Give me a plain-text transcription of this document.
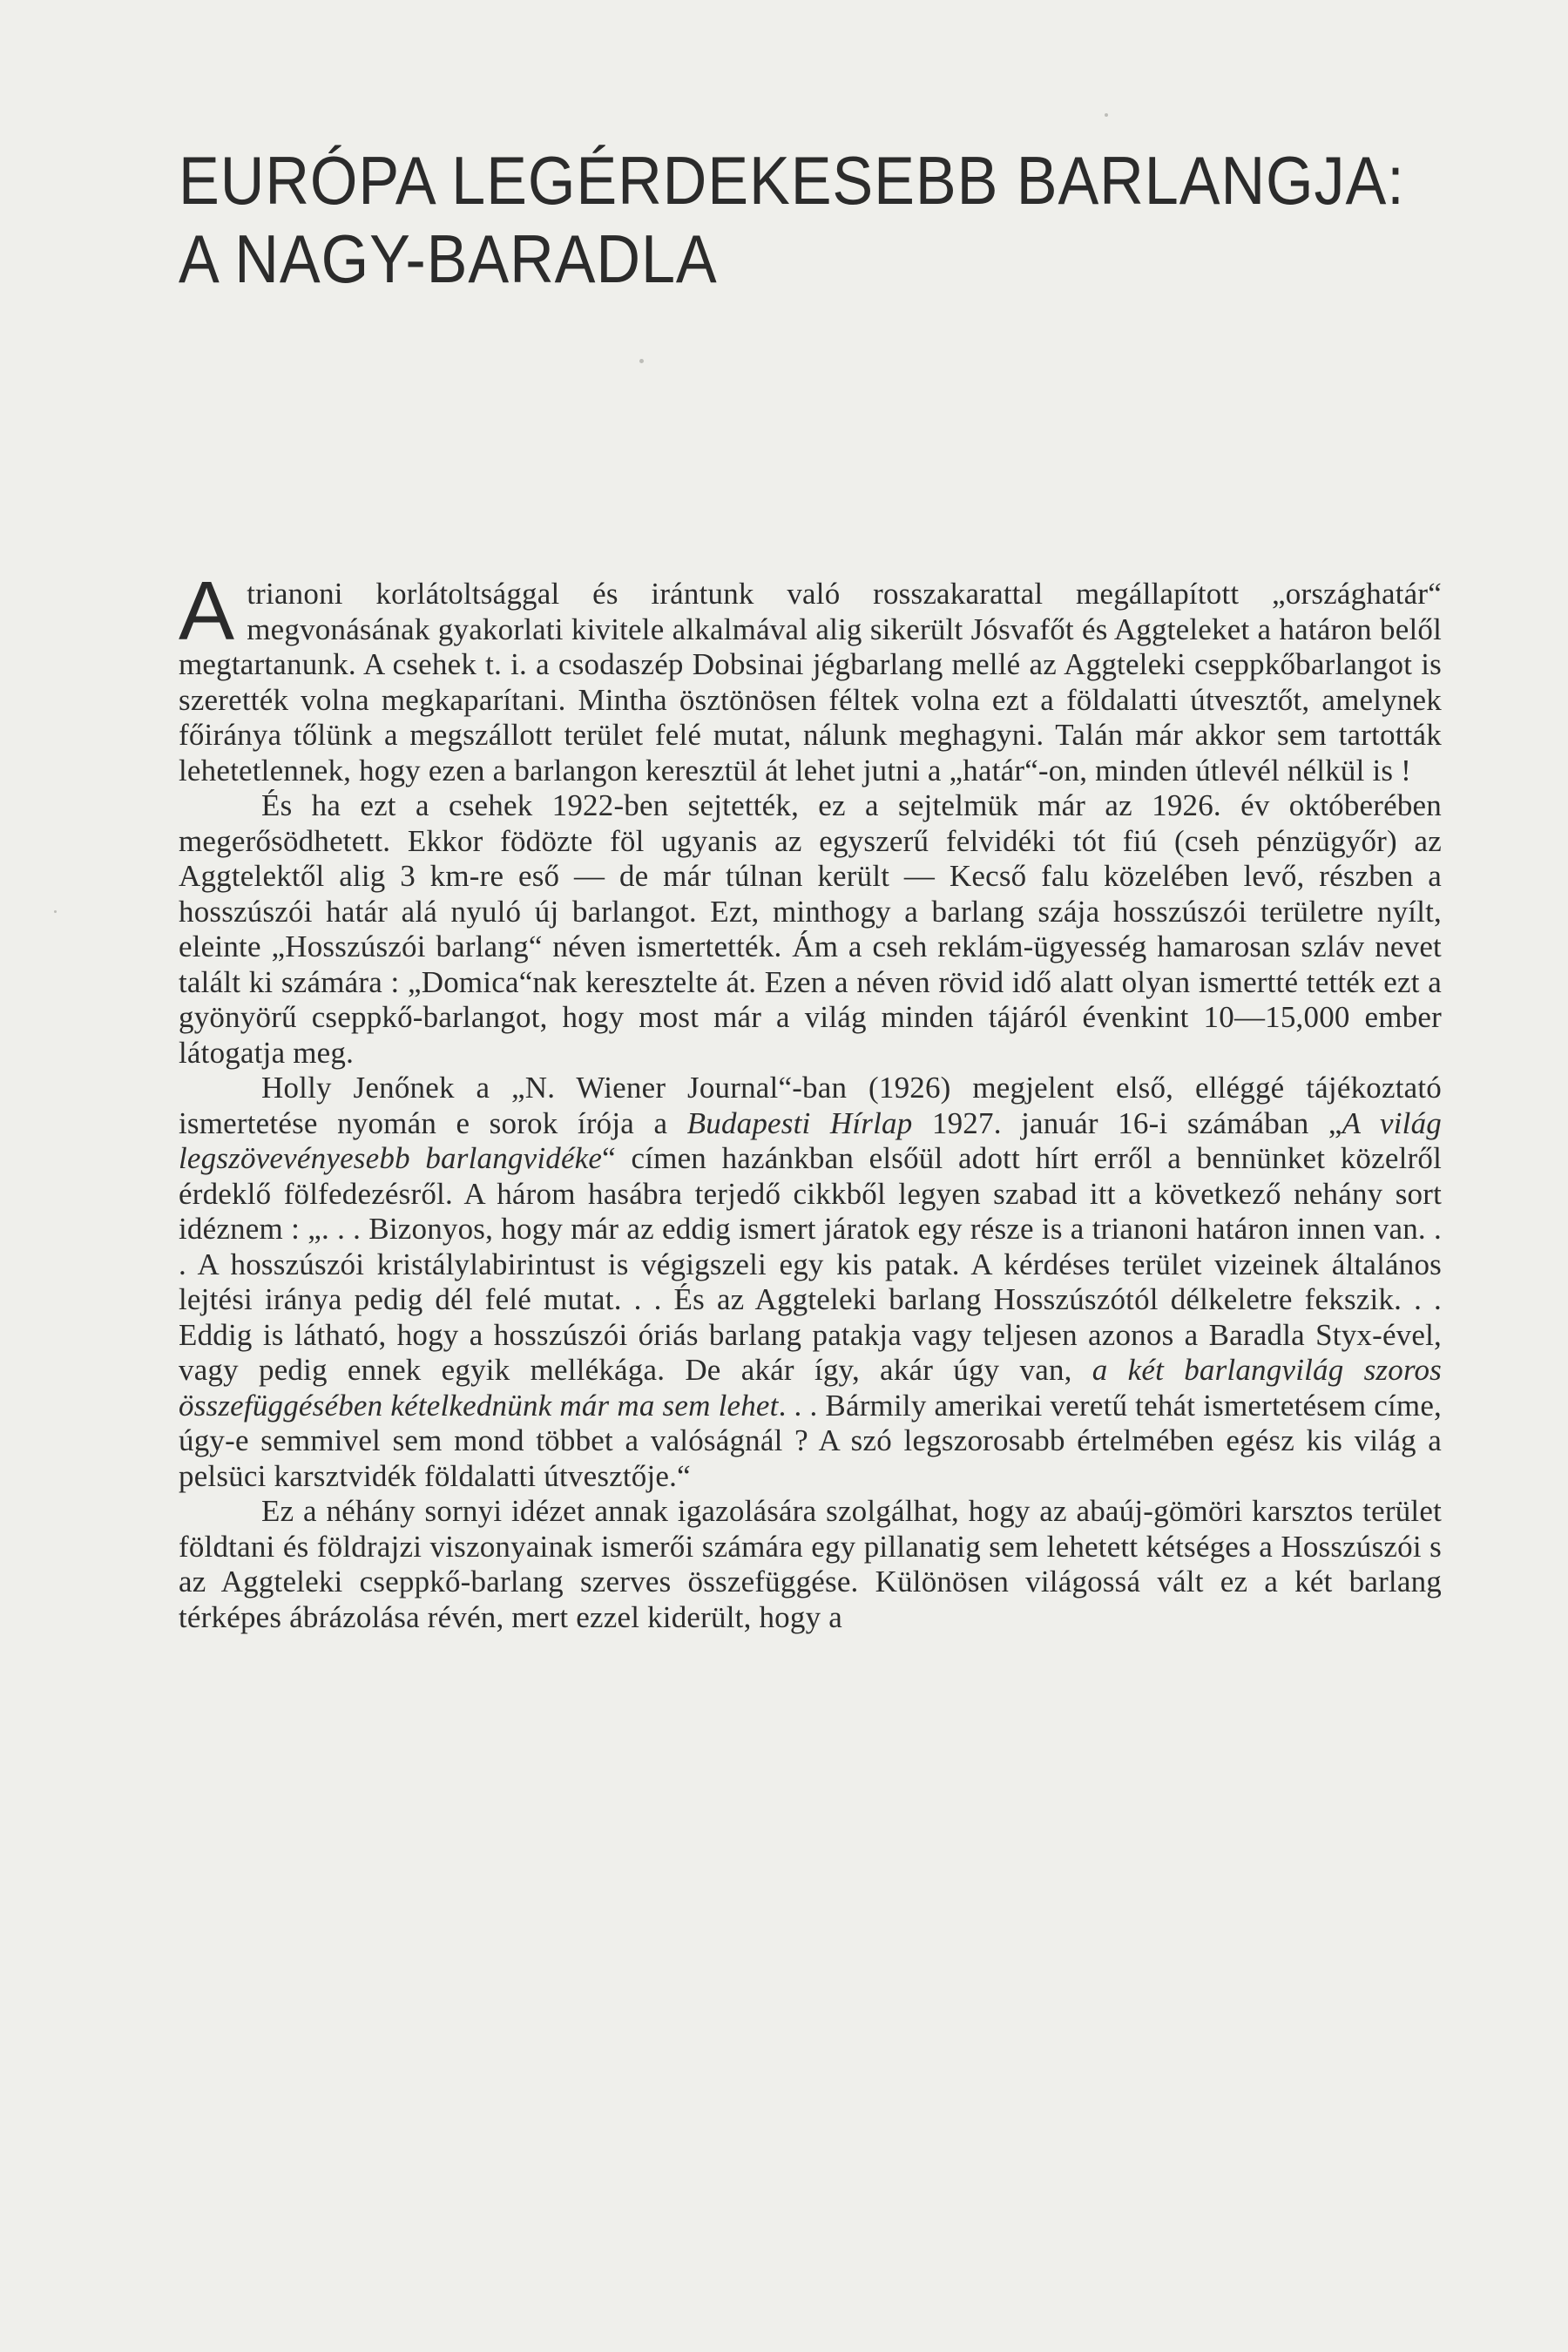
EURÓPA LEGÉRDEKESEBB BARLANGJA:
A NAGY-BARADLA

Atrianoni korlátoltsággal és irántunk való rosszakarattal megállapított „országhatár“ megvonásának gyakorlati kivitele alkalmával alig sikerült Jósvafőt és Aggteleket a határon belől megtartanunk. A csehek t. i. a csodaszép Dobsinai jégbarlang mellé az Aggteleki cseppkőbarlangot is szerették volna megkaparítani. Mintha ösztönösen féltek volna ezt a földalatti útvesztőt, amelynek főiránya tőlünk a megszállott terület felé mutat, nálunk meghagyni. Talán már akkor sem tartották lehetetlennek, hogy ezen a barlangon keresztül át lehet jutni a „határ“-on, minden útlevél nélkül is !

És ha ezt a csehek 1922-ben sejtették, ez a sejtelmük már az 1926. év októberében megerősödhetett. Ekkor födözte föl ugyanis az egyszerű felvidéki tót fiú (cseh pénzügyőr) az Aggtelektől alig 3 km-re eső — de már túlnan került — Kecső falu közelében levő, részben a hosszúszói határ alá nyuló új barlangot. Ezt, minthogy a barlang szája hosszúszói területre nyílt, eleinte „Hosszúszói barlang“ néven ismertették. Ám a cseh reklám-ügyesség hamarosan szláv nevet talált ki számára : „Domica“nak keresztelte át. Ezen a néven rövid idő alatt olyan ismertté tették ezt a gyönyörű cseppkő-barlangot, hogy most már a világ minden tájáról évenkint 10—15,000 ember látogatja meg.

Holly Jenőnek a „N. Wiener Journal“-ban (1926) megjelent első, elléggé tájékoztató ismertetése nyomán e sorok írója a Budapesti Hírlap 1927. január 16-i számában „A világ legszövevényesebb barlangvidéke“ címen hazánkban elsőül adott hírt erről a bennünket közelről érdeklő fölfedezésről. A három hasábra terjedő cikkből legyen szabad itt a következő nehány sort idéznem : „. . . Bizonyos, hogy már az eddig ismert járatok egy része is a trianoni határon innen van. . . A hosszúszói kristálylabirintust is végigszeli egy kis patak. A kérdéses terület vizeinek általános lejtési iránya pedig dél felé mutat. . . És az Aggteleki barlang Hosszúszótól délkeletre fekszik. . . Eddig is látható, hogy a hosszúszói óriás barlang patakja vagy teljesen azonos a Baradla Styx-ével, vagy pedig ennek egyik mellékága. De akár így, akár úgy van, a két barlangvilág szoros összefüggésében kételkednünk már ma sem lehet. . . Bármily amerikai veretű tehát ismertetésem címe, úgy-e semmivel sem mond többet a valóságnál ? A szó legszorosabb értelmében egész kis világ a pelsüci karsztvidék földalatti útvesztője.“

Ez a néhány sornyi idézet annak igazolására szolgálhat, hogy az abaúj-gömöri karsztos terület földtani és földrajzi viszonyainak ismerői számára egy pillanatig sem lehetett kétséges a Hosszúszói s az Aggteleki cseppkő-barlang szerves összefüggése. Különösen világossá vált ez a két barlang térképes ábrázolása révén, mert ezzel kiderült, hogy a
